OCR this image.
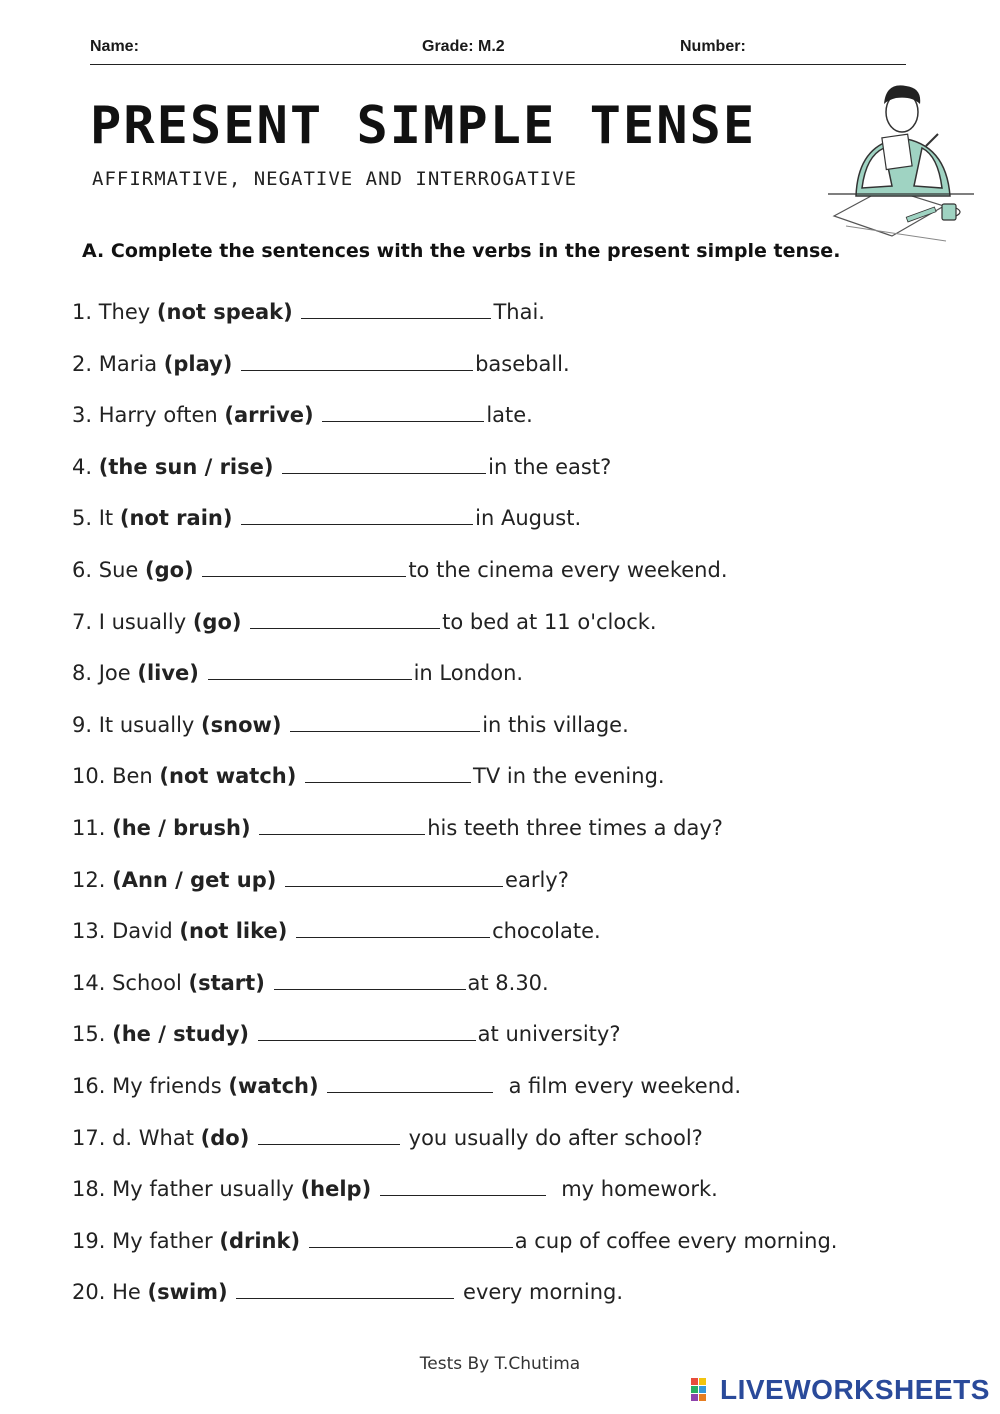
Name:	Grade: M.2	Number:
PRESENT SIMPLE TENSE
AFFIRMATIVE, NEGATIVE AND INTERROGATIVE
A. Complete the sentences with the verbs in the present simple tense.
1. They (not speak)	Thai.
2. Maria (play)	baseball.
3. Harry often (arrive)	late.
4. (the sun / rise)	in the east?
5. It (not rain)	in August.
6. Sue (go)	to the cinema every weekend.
7. I usually (go)	to bed at 11 o'clock.
8. Joe (live)	in London.
9. It usually (snow)	in this village.
10. Ben (not watch)	TV in the evening.
11. (he / brush)	his teeth three times a day?
12. (Ann / get up)	early?
13. David (not like)	chocolate.
14. School (start)	at 8.30.
15. (he / study)	at university?
16. My friends (watch)	a film every weekend.
17. d. What (do)	you usually do after school?
18. My father usually (help)	my homework.
19. My father (drink)	a cup of coffee every morning.
20. He (swim)	every morning.
Tests By T.Chutima
LIVEWORKSHEETS
